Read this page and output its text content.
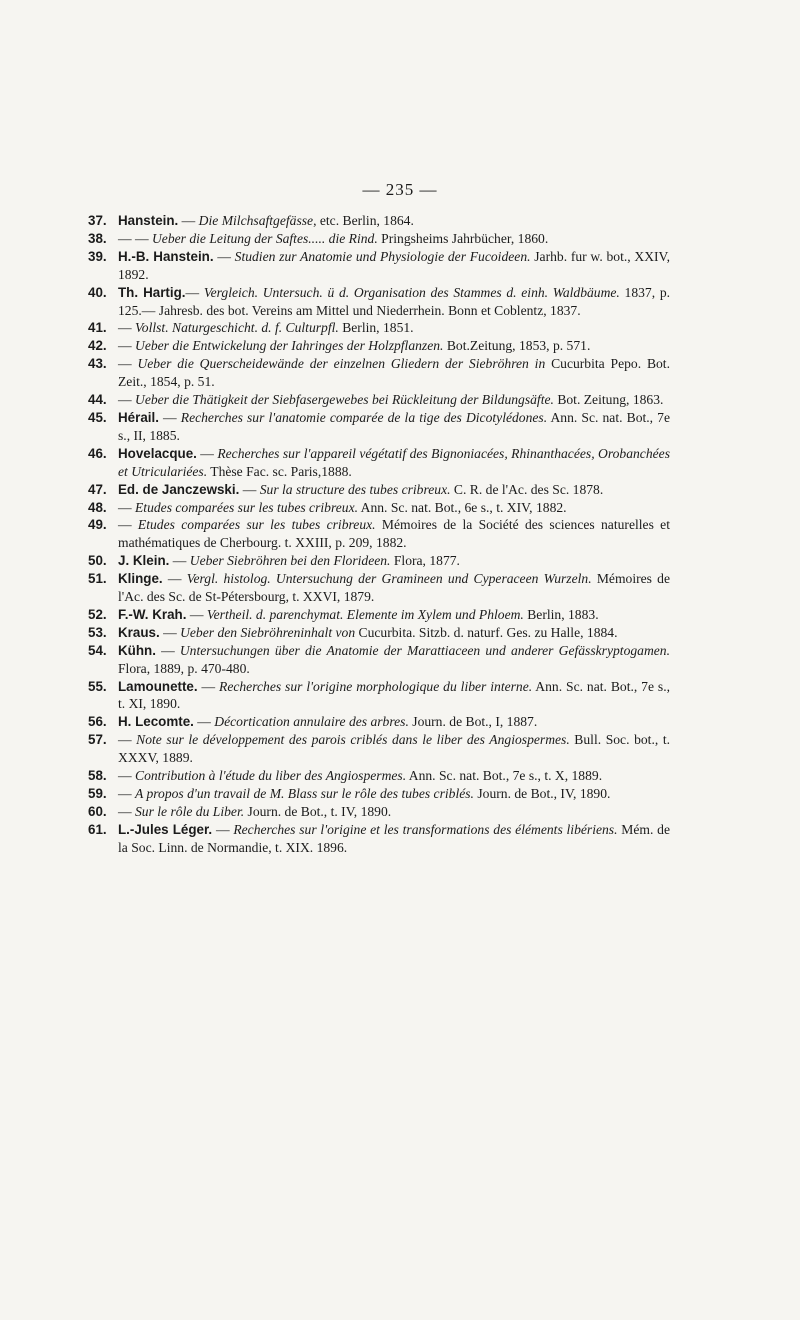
— 235 —

37. Hanstein. — Die Milchsaftgefässe, etc. Berlin, 1864.

38. — — Ueber die Leitung der Saftes..... die Rind. Pringsheims Jahrbücher, 1860.

39. H.-B. Hanstein. — Studien zur Anatomie und Physiologie der Fucoideen. Jarhb. fur w. bot., XXIV, 1892.

40. Th. Hartig.— Vergleich. Untersuch. ü d. Organisation des Stammes d. einh. Waldbäume. 1837, p. 125.— Jahresb. des bot. Vereins am Mittel und Niederrhein. Bonn et Coblentz, 1837.

41. — Vollst. Naturgeschicht. d. f. Culturpfl. Berlin, 1851.

42. — Ueber die Entwickelung der Iahringes der Holzpflanzen. Bot.Zeitung, 1853, p. 571.

43. — Ueber die Querscheidewände der einzelnen Gliedern der Siebröhren in Cucurbita Pepo. Bot. Zeit., 1854, p. 51.

44. — Ueber die Thätigkeit der Siebfasergewebes bei Rückleitung der Bildungsäfte. Bot. Zeitung, 1863.

45. Hérail. — Recherches sur l'anatomie comparée de la tige des Dicotylédones. Ann. Sc. nat. Bot., 7e s., II, 1885.

46. Hovelacque. — Recherches sur l'appareil végétatif des Bignoniacées, Rhinanthacées, Orobanchées et Utriculariées. Thèse Fac. sc. Paris,1888.

47. Ed. de Janczewski. — Sur la structure des tubes cribreux. C. R. de l'Ac. des Sc. 1878.

48. — Etudes comparées sur les tubes cribreux. Ann. Sc. nat. Bot., 6e s., t. XIV, 1882.

49. — Etudes comparées sur les tubes cribreux. Mémoires de la Société des sciences naturelles et mathématiques de Cherbourg. t. XXIII, p. 209, 1882.

50. J. Klein. — Ueber Siebröhren bei den Florideen. Flora, 1877.

51. Klinge. — Vergl. histolog. Untersuchung der Gramineen und Cyperaceen Wurzeln. Mémoires de l'Ac. des Sc. de St-Pétersbourg, t. XXVI, 1879.

52. F.-W. Krah. — Vertheil. d. parenchymat. Elemente im Xylem und Phloem. Berlin, 1883.

53. Kraus. — Ueber den Siebröhreninhalt von Cucurbita. Sitzb. d. naturf. Ges. zu Halle, 1884.

54. Kühn. — Untersuchungen über die Anatomie der Marattiaceen und anderer Gefässkryptogamen. Flora, 1889, p. 470-480.

55. Lamounette. — Recherches sur l'origine morphologique du liber interne. Ann. Sc. nat. Bot., 7e s., t. XI, 1890.

56. H. Lecomte. — Décortication annulaire des arbres. Journ. de Bot., I, 1887.

57. — Note sur le développement des parois criblés dans le liber des Angiospermes. Bull. Soc. bot., t. XXXV, 1889.

58. — Contribution à l'étude du liber des Angiospermes. Ann. Sc. nat. Bot., 7e s., t. X, 1889.

59. — A propos d'un travail de M. Blass sur le rôle des tubes criblés. Journ. de Bot., IV, 1890.

60. — Sur le rôle du Liber. Journ. de Bot., t. IV, 1890.

61. L.-Jules Léger. — Recherches sur l'origine et les transformations des éléments libériens. Mém. de la Soc. Linn. de Normandie, t. XIX. 1896.
